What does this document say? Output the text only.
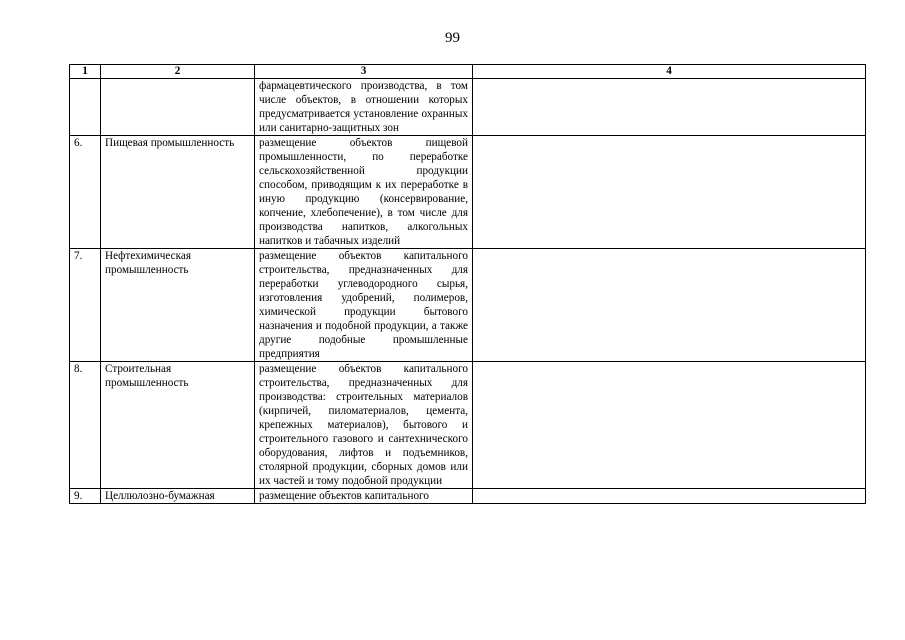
99
1	2	3	4
		фармацевтического производства, в том числе объектов, в отношении которых предусматривается установление охранных или санитарно-защитных зон	
6.	Пищевая промышленность	размещение объектов пищевой промышленности, по переработке сельскохозяйственной продукции способом, приводящим к их переработке в иную продукцию (консервирование, копчение, хлебопечение), в том числе для производства напитков, алкогольных напитков и табачных изделий	
7.	Нефтехимическая промышленность	размещение объектов капитального строительства, предназначенных для переработки углеводородного сырья, изготовления удобрений, полимеров, химической продукции бытового назначения и подобной продукции, а также другие подобные промышленные предприятия	
8.	Строительная промышленность	размещение объектов капитального строительства, предназначенных для производства: строительных материалов (кирпичей, пиломатериалов, цемента, крепежных материалов), бытового и строительного газового и сантехнического оборудования, лифтов и подъемников, столярной продукции, сборных домов или их частей и тому подобной продукции	
9.	Целлюлозно-бумажная	размещение объектов капитального	
